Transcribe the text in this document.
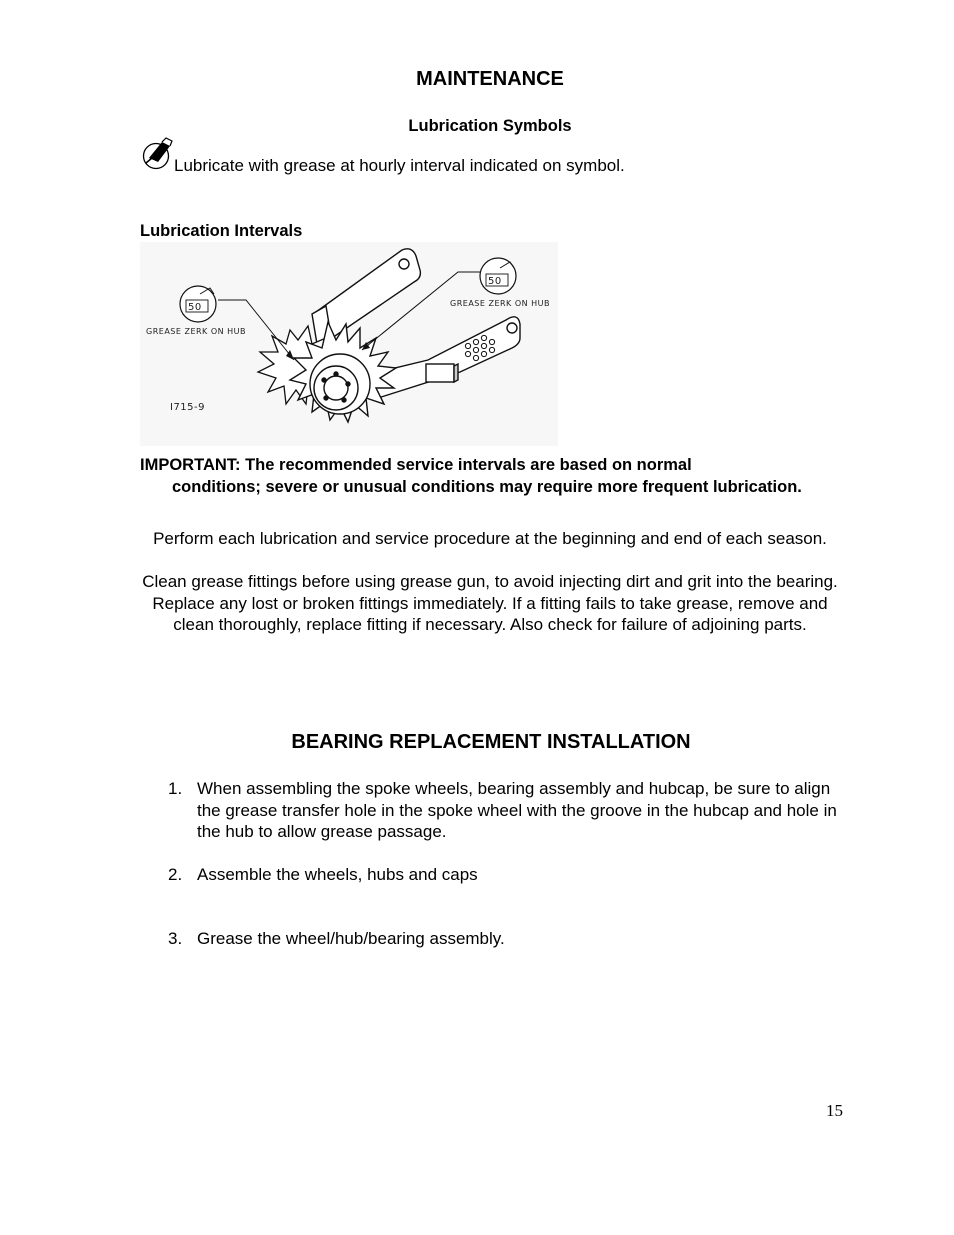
MAINTENANCE
Lubrication Symbols
Lubricate with grease at hourly interval indicated on symbol.
Lubrication Intervals
50
GREASE ZERK ON HUB
50
GREASE ZERK ON HUB
I715-9
IMPORTANT: The recommended service intervals are based on normal
conditions; severe or unusual conditions may require more frequent lubrication.
Perform each lubrication and service procedure at the beginning and end of each season.
Clean grease fittings before using grease gun, to avoid injecting dirt and grit into the bearing. Replace any lost or broken fittings immediately. If a fitting fails to take grease, remove and clean thoroughly, replace fitting if necessary. Also check for failure of adjoining parts.
BEARING REPLACEMENT INSTALLATION
1. When assembling the spoke wheels, bearing assembly and hubcap, be sure to align the grease transfer hole in the spoke wheel with the groove in the hubcap and hole in the hub to allow grease passage.
2. Assemble the wheels, hubs and caps
3. Grease the wheel/hub/bearing assembly.
15
